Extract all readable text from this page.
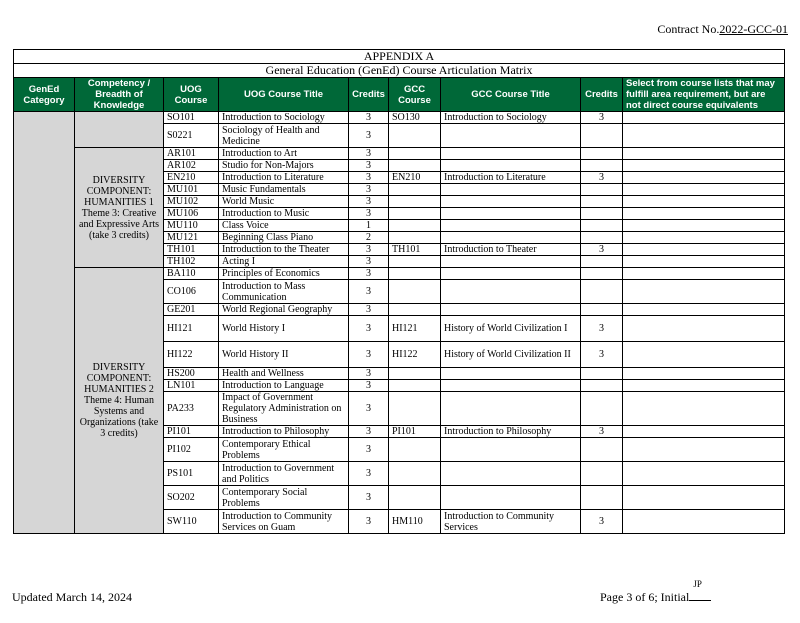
Contract No.2022-GCC-01
APPENDIX A								
General Education (GenEd) Course Articulation Matrix								
GenEd Category	Competency / Breadth of Knowledge	UOG Course	UOG Course Title	Credits	GCC Course	GCC Course Title	Credits	Select from course lists that may fulfill area requirement, but are not direct course equivalents
		SO101	Introduction to Sociology	3	SO130	Introduction to Sociology	3	
		S0221	Sociology of Health and Medicine	3				
	DIVERSITY COMPONENT: HUMANITIES 1 Theme 3: Creative and Expressive Arts (take 3 credits)	AR101	Introduction to Art	3				
		AR102	Studio for Non-Majors	3				
		EN210	Introduction to Literature	3	EN210	Introduction to Literature	3	
		MU101	Music Fundamentals	3				
		MU102	World Music	3				
		MU106	Introduction to Music	3				
		MU110	Class Voice	1				
		MU121	Beginning Class Piano	2				
		TH101	Introduction to the Theater	3	TH101	Introduction to Theater	3	
		TH102	Acting I	3				
	DIVERSITY COMPONENT: HUMANITIES 2 Theme 4: Human Systems and Organizations (take 3 credits)	BA110	Principles of Economics	3				
		CO106	Introduction to Mass Communication	3				
		GE201	World Regional Geography	3				
		HI121	World History I	3	HI121	History of World Civilization I	3	
		HI122	World History II	3	HI122	History of World Civilization II	3	
		HS200	Health and Wellness	3				
		LN101	Introduction to Language	3				
		PA233	Impact of Government Regulatory Administration on Business	3				
		PI101	Introduction to Philosophy	3	PI101	Introduction to Philosophy	3	
		PI102	Contemporary Ethical Problems	3				
		PS101	Introduction to Government and Politics	3				
		SO202	Contemporary Social Problems	3				
		SW110	Introduction to Community Services on Guam	3	HM110	Introduction to Community Services	3	
Updated March 14, 2024	Page 3 of 6; Initial
JP
